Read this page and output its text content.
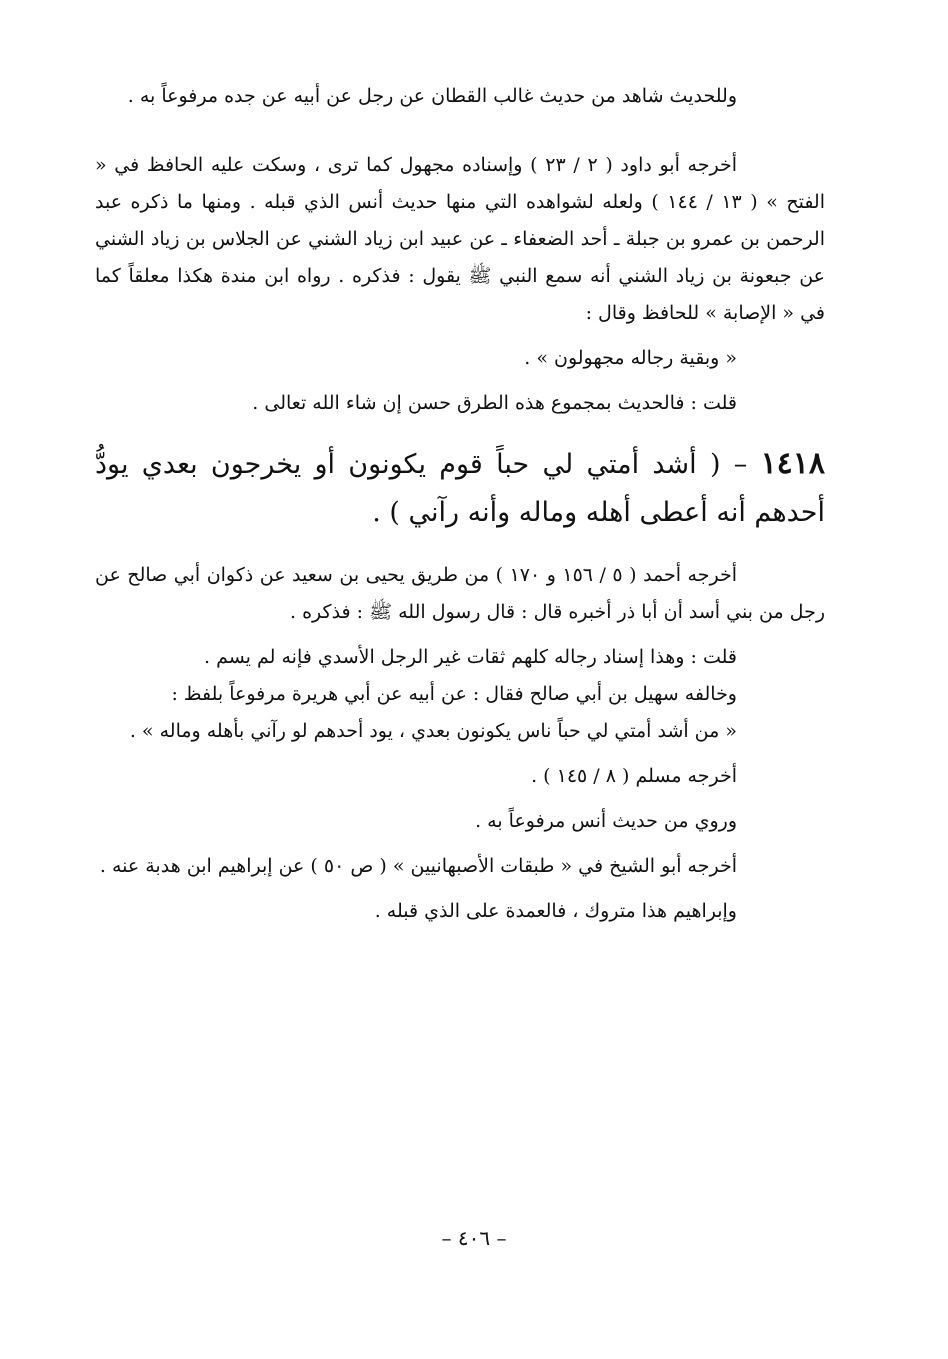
وللحديث شاهد من حديث غالب القطان عن رجل عن أبيه عن جده مرفوعاً به .

أخرجه أبو داود ( ٢ / ٢٣ ) وإسناده مجهول كما ترى ، وسكت عليه الحافظ في « الفتح » ( ١٣ / ١٤٤ ) ولعله لشواهده التي منها حديث أنس الذي قبله . ومنها ما ذكره عبد الرحمن بن عمرو بن جبلة ـ أحد الضعفاء ـ عن عبيد ابن زياد الشني عن الجلاس بن زياد الشني عن جبعونة بن زياد الشني أنه سمع النبي ﷺ يقول : فذكره . رواه ابن مندة هكذا معلقاً كما في « الإصابة » للحافظ وقال :

« وبقية رجاله مجهولون » .

قلت : فالحديث بمجموع هذه الطرق حسن إن شاء الله تعالى .

١٤١٨ – ( أشد أمتي لي حباً قوم يكونون أو يخرجون بعدي يودُّ أحدهم أنه أعطى أهله وماله وأنه رآني ) .

أخرجه أحمد ( ٥ / ١٥٦ و ١٧٠ ) من طريق يحيى بن سعيد عن ذكوان أبي صالح عن رجل من بني أسد أن أبا ذر أخبره قال : قال رسول الله ﷺ : فذكره .

قلت : وهذا إسناد رجاله كلهم ثقات غير الرجل الأسدي فإنه لم يسم .

وخالفه سهيل بن أبي صالح فقال : عن أبيه عن أبي هريرة مرفوعاً بلفظ :

« من أشد أمتي لي حباً ناس يكونون بعدي ، يود أحدهم لو رآني بأهله وماله » .

أخرجه مسلم ( ٨ / ١٤٥ ) .

وروي من حديث أنس مرفوعاً به .

أخرجه أبو الشيخ في « طبقات الأصبهانيين » ( ص ٥٠ ) عن إبراهيم ابن هدبة عنه .

وإبراهيم هذا متروك ، فالعمدة على الذي قبله .

– ٤٠٦ –
